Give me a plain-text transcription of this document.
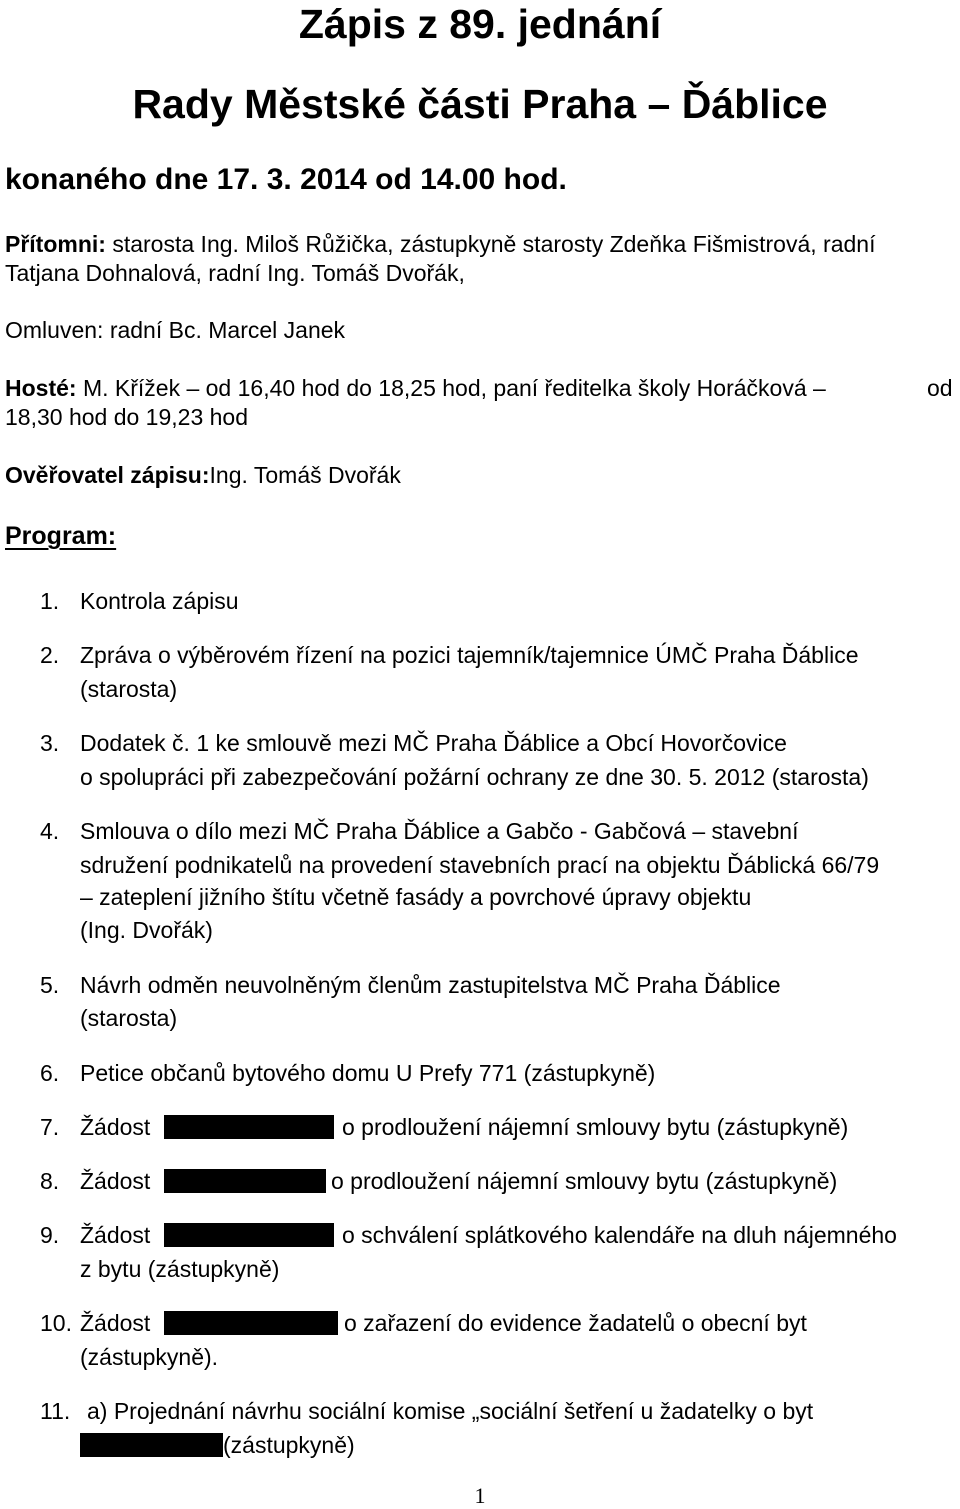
Zápis z 89. jednání
Rady Městské části Praha – Ďáblice
konaného dne 17. 3. 2014 od 14.00 hod.
Přítomni: starosta Ing. Miloš Růžička, zástupkyně starosty Zdeňka Fišmistrová, radní
Tatjana Dohnalová, radní Ing. Tomáš Dvořák,
Omluven: radní Bc. Marcel Janek
Hosté: M. Křížek – od 16,40 hod do 18,25 hod, paní ředitelka školy Horáčková –	od
18,30 hod do 19,23 hod
Ověřovatel zápisu:Ing. Tomáš Dvořák
Program:
1. Kontrola zápisu
2. Zpráva o výběrovém řízení na pozici tajemník/tajemnice ÚMČ Praha Ďáblice
(starosta)
3. Dodatek č. 1 ke smlouvě mezi MČ Praha Ďáblice a Obcí Hovorčovice
o spolupráci při zabezpečování požární ochrany ze dne 30. 5. 2012 (starosta)
4. Smlouva o dílo mezi MČ Praha Ďáblice a Gabčo - Gabčová – stavební
sdružení podnikatelů na provedení stavebních prací na objektu Ďáblická 66/79
– zateplení jižního štítu včetně fasády a povrchové úpravy objektu
(Ing. Dvořák)
5. Návrh odměn neuvolněným členům zastupitelstva MČ Praha Ďáblice
(starosta)
6. Petice občanů bytového domu U Prefy 771 (zástupkyně)
7. Žádost	o prodloužení nájemní smlouvy bytu (zástupkyně)
8. Žádost	o prodloužení nájemní smlouvy bytu (zástupkyně)
9. Žádost	o schválení splátkového kalendáře na dluh nájemného
z bytu (zástupkyně)
10. Žádost	o zařazení do evidence žadatelů o obecní byt
(zástupkyně).
11. a) Projednání návrhu sociální komise „sociální šetření u žadatelky o byt
(zástupkyně)
1
